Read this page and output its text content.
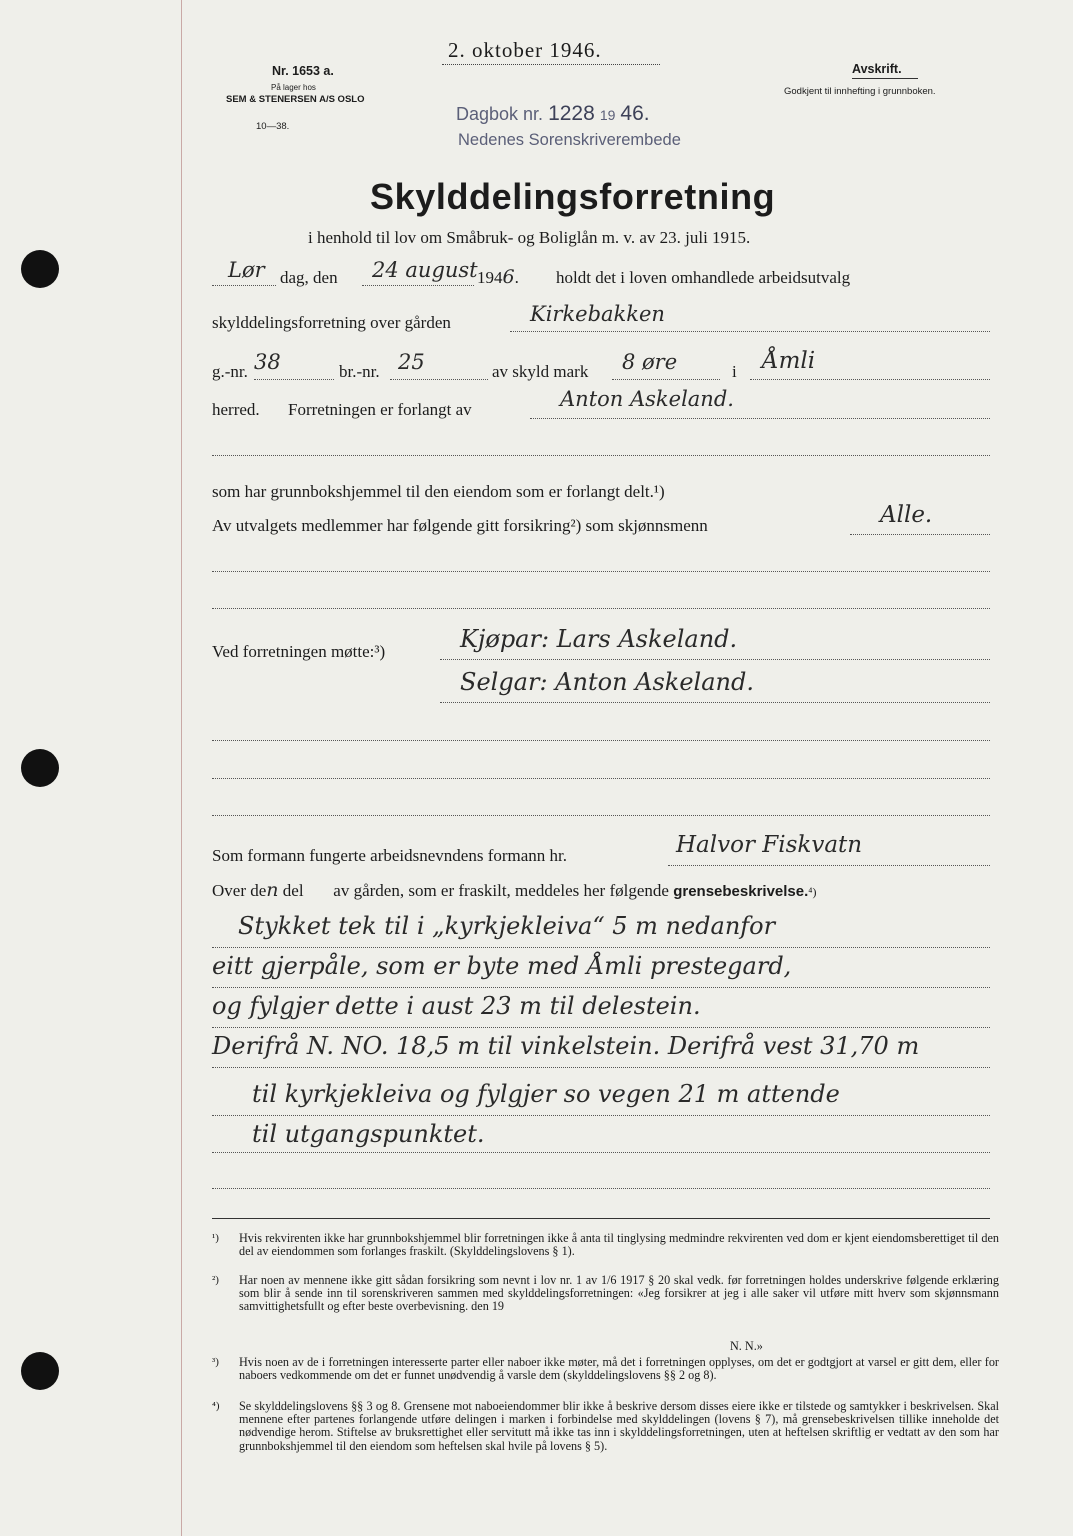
2. oktober 1946.
Nr. 1653 a.
På lager hos
SEM & STENERSEN A/S OSLO
10—38.
Avskrift.
Godkjent til innhefting i grunnboken.
Dagbok nr. 1228 19 46.
Nedenes Sorenskriverembede
Skylddelingsforretning
i henhold til lov om Småbruk- og Boliglån m. v. av 23. juli 1915.
Lør dag, den 24 august 1946. holdt det i loven omhandlede arbeidsutvalg
skylddelingsforretning over gården	Kirkebakken
g.-nr. 38	br.-nr. 25	av skyld mark 8 øre	i Åmli
herred. Forretningen er forlangt av	Anton Askeland.
som har grunnbokshjemmel til den eiendom som er forlangt delt.¹)
Av utvalgets medlemmer har følgende gitt forsikring²) som skjønnsmenn	Alle.
Ved forretningen møtte:³)	Kjøpar: Lars Askeland.
Selgar: Anton Askeland.
Som formann fungerte arbeidsnevndens formann hr.	Halvor Fiskvatn
Over den del       av gården, som er fraskilt, meddeles her følgende grensebeskrivelse.⁴)
Stykket tek til i „kyrkjekleiva“ 5 m nedanfor
eitt gjerpåle, som er byte med Åmli prestegard,
og fylgjer dette i aust 23 m til delestein.
Derifrå N. NO. 18,5 m til vinkelstein. Derifrå vest 31,70 m
til kyrkjekleiva og fylgjer so vegen 21 m attende
til utgangspunktet.
¹) Hvis rekvirenten ikke har grunnbokshjemmel blir forretningen ikke å anta til tinglysing medmindre rekvirenten ved dom er kjent eiendomsberettiget til den del av eiendommen som forlanges fraskilt. (Skylddelingslovens § 1).
²) Har noen av mennene ikke gitt sådan forsikring som nevnt i lov nr. 1 av 1/6 1917 § 20 skal vedk. før forretningen holdes underskrive følgende erklæring som blir å sende inn til sorenskriveren sammen med skylddelingsforretningen: «Jeg forsikrer at jeg i alle saker vil utføre mitt hverv som skjønnsmann samvittighetsfullt og efter beste overbevisning. den 19
N. N.»
³) Hvis noen av de i forretningen interesserte parter eller naboer ikke møter, må det i forretningen opplyses, om det er godtgjort at varsel er gitt dem, eller for naboers vedkommende om det er funnet unødvendig å varsle dem (skylddelingslovens §§ 2 og 8).
⁴) Se skylddelingslovens §§ 3 og 8. Grensene mot naboeiendommer blir ikke å beskrive dersom disses eiere ikke er tilstede og samtykker i beskrivelsen. Skal mennene efter partenes forlangende utføre delingen i marken i forbindelse med skylddelingen (lovens § 7), må grensebeskrivelsen tillike inneholde det nødvendige herom. Stiftelse av bruksrettighet eller servitutt må ikke tas inn i skylddelingsforretningen, uten at heftelsen skriftlig er vedtatt av den som har grunnbokshjemmel til den eiendom som heftelsen skal hvile på lovens § 5).
